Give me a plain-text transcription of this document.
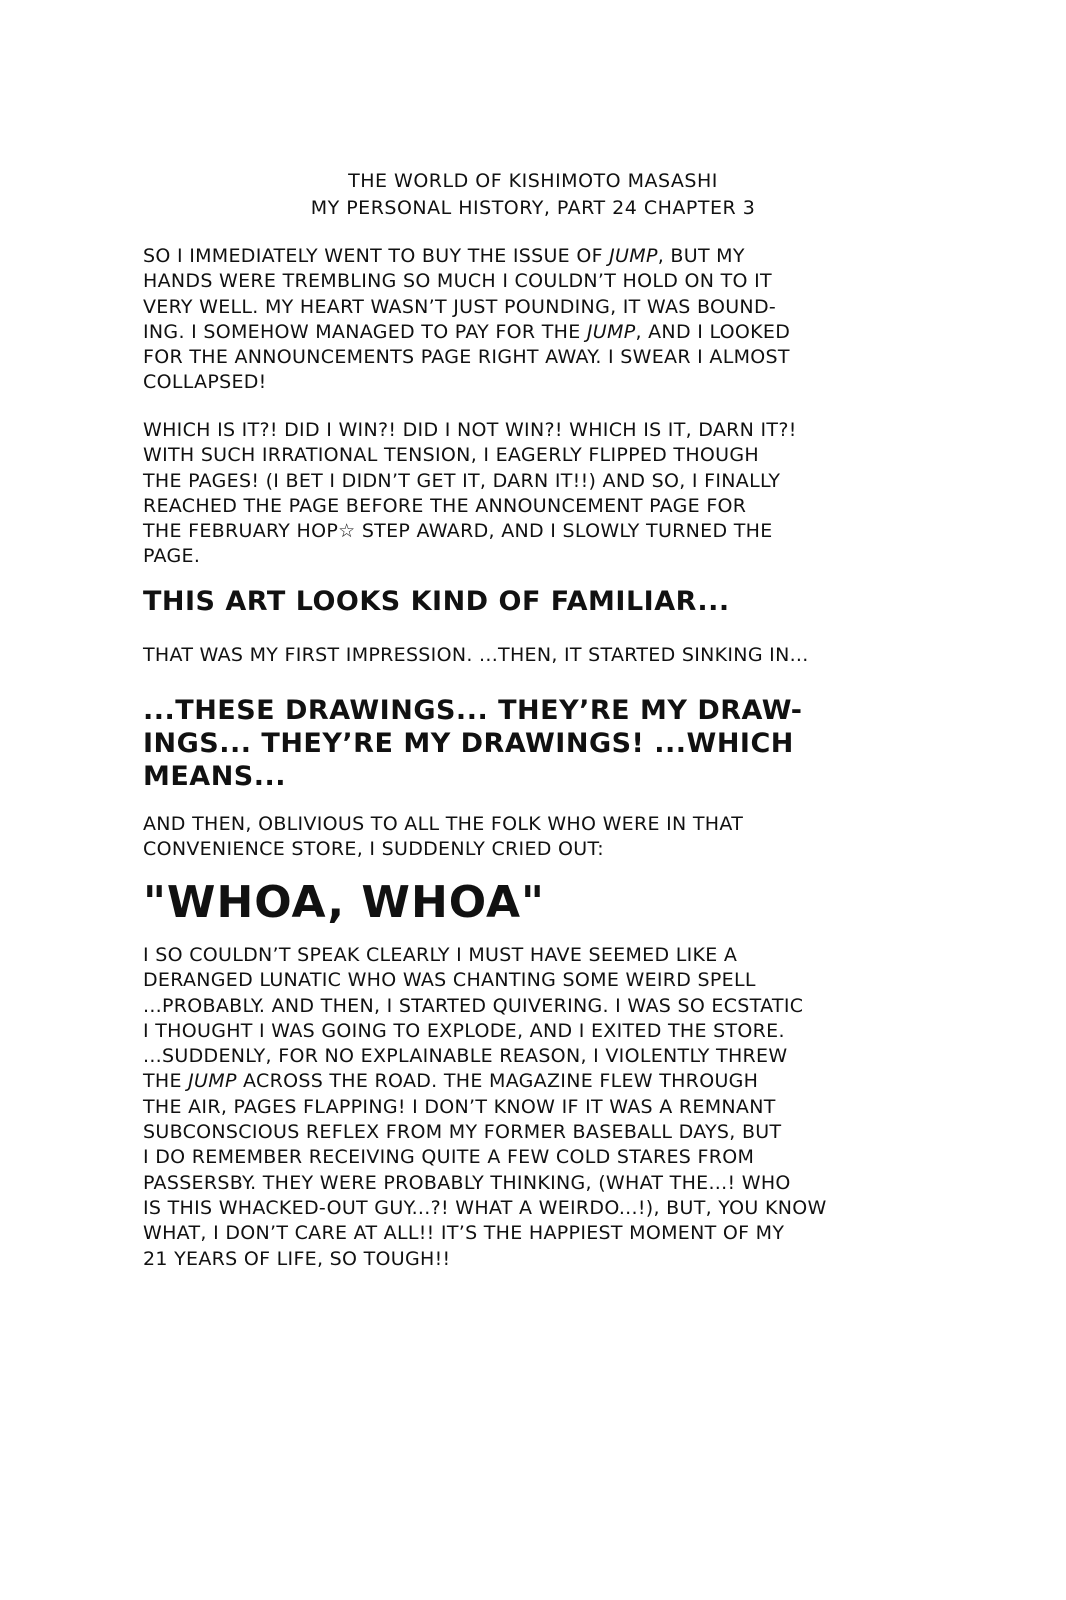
THE WORLD OF KISHIMOTO MASASHI
MY PERSONAL HISTORY, PART 24 CHAPTER 3
SO I IMMEDIATELY WENT TO BUY THE ISSUE OF JUMP, BUT MY
HANDS WERE TREMBLING SO MUCH I COULDN’T HOLD ON TO IT
VERY WELL. MY HEART WASN’T JUST POUNDING, IT WAS BOUND-
ING. I SOMEHOW MANAGED TO PAY FOR THE JUMP, AND I LOOKED
FOR THE ANNOUNCEMENTS PAGE RIGHT AWAY. I SWEAR I ALMOST
COLLAPSED!
WHICH IS IT?! DID I WIN?! DID I NOT WIN?! WHICH IS IT, DARN IT?!
WITH SUCH IRRATIONAL TENSION, I EAGERLY FLIPPED THOUGH
THE PAGES! (I BET I DIDN’T GET IT, DARN IT!!) AND SO, I FINALLY
REACHED THE PAGE BEFORE THE ANNOUNCEMENT PAGE FOR
THE FEBRUARY HOP☆ STEP AWARD, AND I SLOWLY TURNED THE
PAGE.
THIS ART LOOKS KIND OF FAMILIAR...
THAT WAS MY FIRST IMPRESSION. ...THEN, IT STARTED SINKING IN...
...THESE DRAWINGS... THEY’RE MY DRAW-
INGS... THEY’RE MY DRAWINGS! ...WHICH
MEANS...
AND THEN, OBLIVIOUS TO ALL THE FOLK WHO WERE IN THAT
CONVENIENCE STORE, I SUDDENLY CRIED OUT:
"WHOA, WHOA"
I SO COULDN’T SPEAK CLEARLY I MUST HAVE SEEMED LIKE A
DERANGED LUNATIC WHO WAS CHANTING SOME WEIRD SPELL
...PROBABLY. AND THEN, I STARTED QUIVERING. I WAS SO ECSTATIC
I THOUGHT I WAS GOING TO EXPLODE, AND I EXITED THE STORE.
...SUDDENLY, FOR NO EXPLAINABLE REASON, I VIOLENTLY THREW
THE JUMP ACROSS THE ROAD. THE MAGAZINE FLEW THROUGH
THE AIR, PAGES FLAPPING! I DON’T KNOW IF IT WAS A REMNANT
SUBCONSCIOUS REFLEX FROM MY FORMER BASEBALL DAYS, BUT
I DO REMEMBER RECEIVING QUITE A FEW COLD STARES FROM
PASSERSBY. THEY WERE PROBABLY THINKING, (WHAT THE...! WHO
IS THIS WHACKED-OUT GUY...?! WHAT A WEIRDO...!), BUT, YOU KNOW
WHAT, I DON’T CARE AT ALL!! IT’S THE HAPPIEST MOMENT OF MY
21 YEARS OF LIFE, SO TOUGH!!
